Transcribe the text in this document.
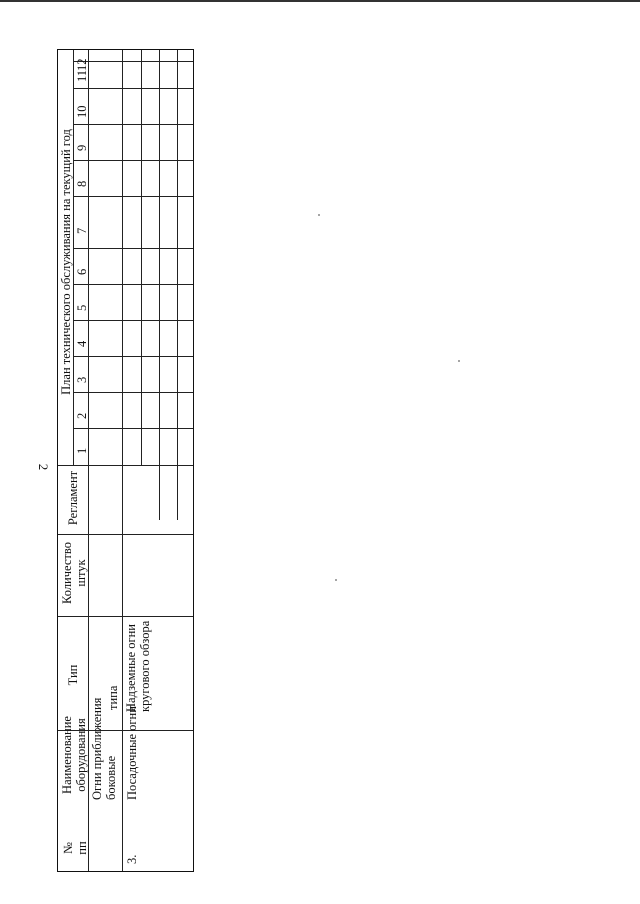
2
№
пп
Наименование
оборудования
Тип
Количество
штук
Регламент
План технического обслуживания на текущий год
1
2
3
4
5
6
7
8
9
10
11
12
Огни приближения
боковые
типа
3.
Посадочные огни
Надземные огни
кругового обзора
